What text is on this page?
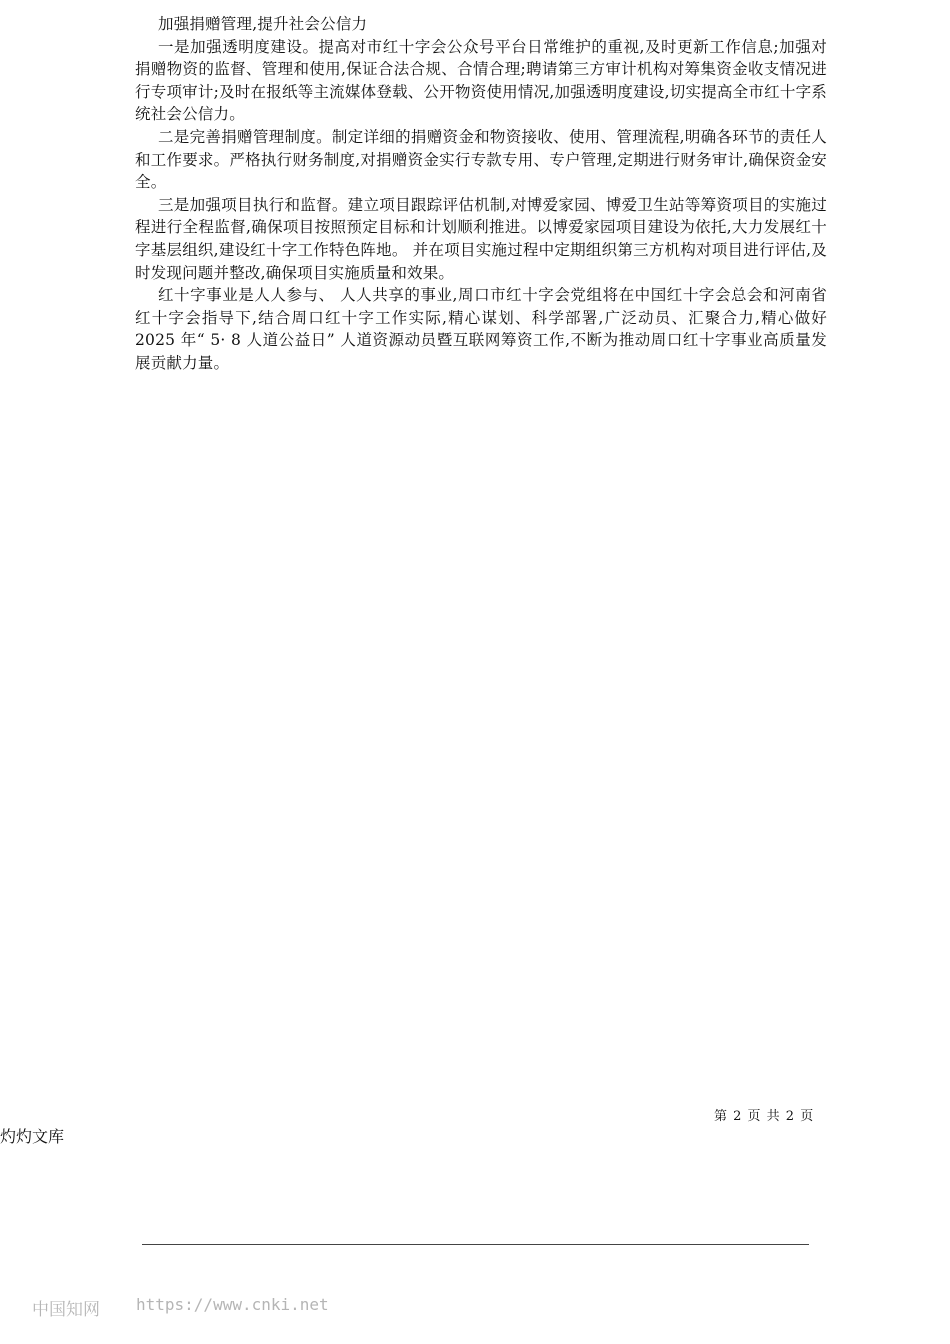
加强捐赠管理,提升社会公信力

一是加强透明度建设。提高对市红十字会公众号平台日常维护的重视,及时更新工作信息;加强对捐赠物资的监督、管理和使用,保证合法合规、合情合理;聘请第三方审计机构对筹集资金收支情况进行专项审计;及时在报纸等主流媒体登载、公开物资使用情况,加强透明度建设,切实提高全市红十字系统社会公信力。

二是完善捐赠管理制度。制定详细的捐赠资金和物资接收、使用、管理流程,明确各环节的责任人和工作要求。严格执行财务制度,对捐赠资金实行专款专用、专户管理,定期进行财务审计,确保资金安全。

三是加强项目执行和监督。建立项目跟踪评估机制,对博爱家园、博爱卫生站等筹资项目的实施过程进行全程监督,确保项目按照预定目标和计划顺利推进。以博爱家园项目建设为依托,大力发展红十字基层组织,建设红十字工作特色阵地。 并在项目实施过程中定期组织第三方机构对项目进行评估,及时发现问题并整改,确保项目实施质量和效果。

红十字事业是人人参与、 人人共享的事业,周口市红十字会党组将在中国红十字会总会和河南省红十字会指导下,结合周口红十字工作实际,精心谋划、科学部署,广泛动员、汇聚合力,精心做好 2025 年“ 5· 8 人道公益日” 人道资源动员暨互联网筹资工作,不断为推动周口红十字事业高质量发展贡献力量。

第 2 页 共 2 页
灼灼文库
中国知网 https://www.cnki.net
